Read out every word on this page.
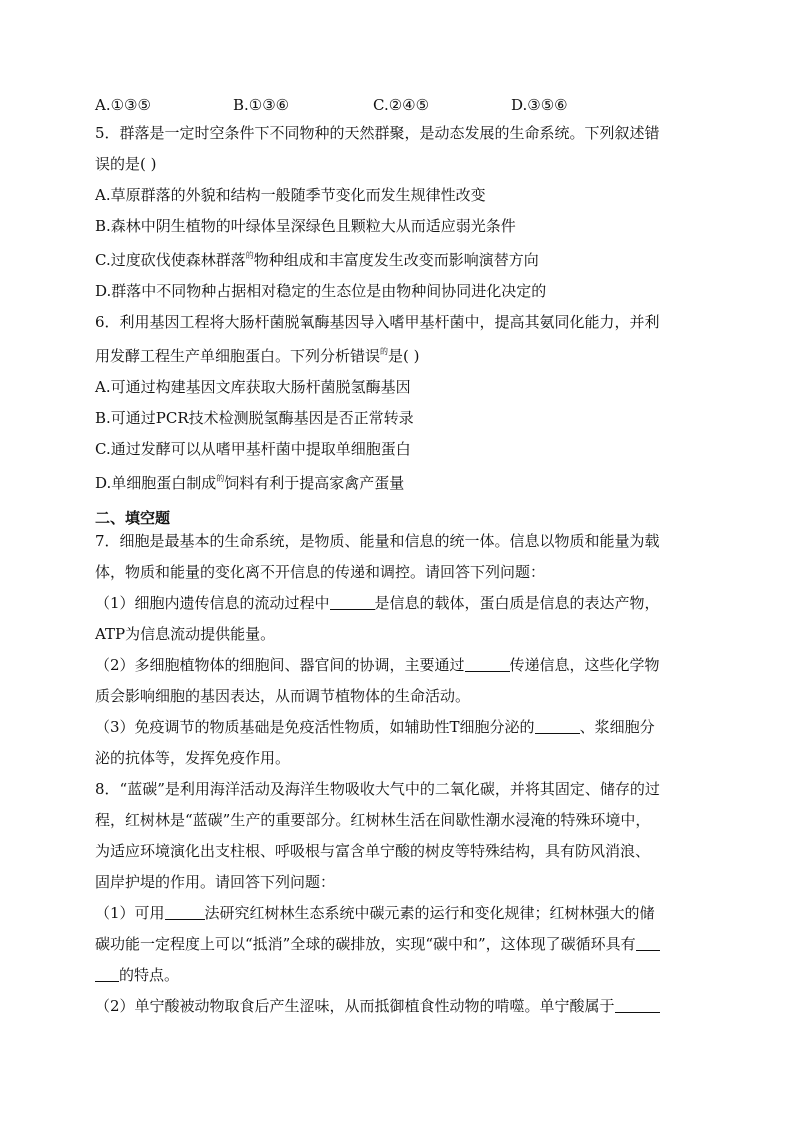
A.①③⑤	B.①③⑥	C.②④⑤	D.③⑤⑥

5．群落是一定时空条件下不同物种的天然群聚，是动态发展的生命系统。下列叙述错

误的是( )

A.草原群落的外貌和结构一般随季节变化而发生规律性改变

B.森林中阴生植物的叶绿体呈深绿色且颗粒大从而适应弱光条件

C.过度砍伐使森林群落$^的$物种组成和丰富度发生改变而影响演替方向

D.群落中不同物种占据相对稳定的生态位是由物种间协同进化决定的

6．利用基因工程将大肠杆菌脱氧酶基因导入嗜甲基杆菌中，提高其氨同化能力，并利

用发酵工程生产单细胞蛋白。下列分析错误$^的$是( )

A.可通过构建基因文库获取大肠杆菌脱氢酶基因

B.可通过PCR技术检测脱氢酶基因是否正常转录

C.通过发酵可以从嗜甲基杆菌中提取单细胞蛋白

D.单细胞蛋白制成$^的$饲料有利于提高家禽产蛋量

二、填空题

7．细胞是最基本的生命系统，是物质、能量和信息的统一体。信息以物质和能量为载

体，物质和能量的变化离不开信息的传递和调控。请回答下列问题：

（1）细胞内遗传信息的流动过程中	是信息的载体，蛋白质是信息的表达产物，

ATP为信息流动提供能量。

（2）多细胞植物体的细胞间、器官间的协调，主要通过	传递信息，这些化学物

质会影响细胞的基因表达，从而调节植物体的生命活动。

（3）免疫调节的物质基础是免疫活性物质，如辅助性T细胞分泌的	、浆细胞分

泌的抗体等，发挥免疫作用。

8．“蓝碳”是利用海洋活动及海洋生物吸收大气中的二氧化碳，并将其固定、储存的过

程，红树林是“蓝碳”生产的重要部分。红树林生活在间歇性潮水浸淹的特殊环境中，

为适应环境演化出支柱根、呼吸根与富含单宁酸的树皮等特殊结构，具有防风消浪、

固岸护堤的作用。请回答下列问题：

（1）可用	法研究红树林生态系统中碳元素的运行和变化规律；红树林强大的储

碳功能一定程度上可以“抵消”全球的碳排放，实现“碳中和”，这体现了碳循环具有

的特点。

（2）单宁酸被动物取食后产生涩味，从而抵御植食性动物的啃噬。单宁酸属于
